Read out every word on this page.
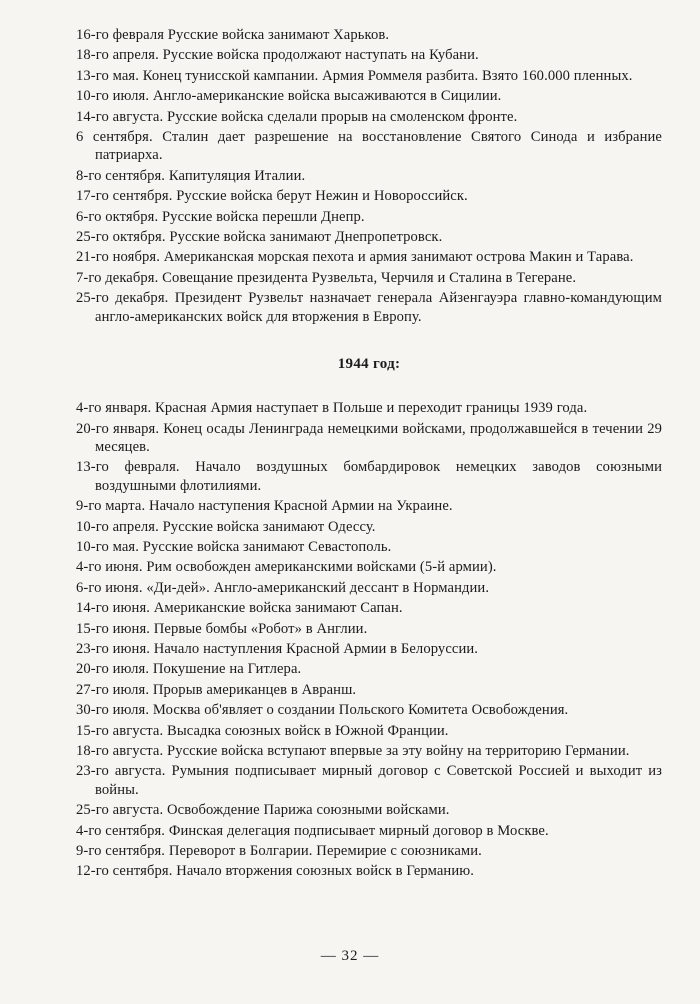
16-го февраля Русские войска занимают Харьков.

18-го апреля. Русские войска продолжают наступать на Кубани.

13-го мая. Конец тунисской кампании. Армия Роммеля разбита. Взято 160.000 пленных.

10-го июля. Англо-американские войска высаживаются в Сицилии.

14-го августа. Русские войска сделали прорыв на смоленском фронте.

6 сентября. Сталин дает разрешение на восстановление Святого Синода и избрание патриарха.

8-го сентября. Капитуляция Италии.

17-го сентября. Русские войска берут Нежин и Новороссийск.

6-го октября. Русские войска перешли Днепр.

25-го октября. Русские войска занимают Днепропетровск.

21-го ноября. Американская морская пехота и армия занимают острова Макин и Тарава.

7-го декабря. Совещание президента Рузвельта, Черчиля и Сталина в Тегеране.

25-го декабря. Президент Рузвельт назначает генерала Айзенгауэра главно-командующим англо-американских войск для вторжения в Европу.

1944 год:

4-го января. Красная Армия наступает в Польше и переходит границы 1939 года.

20-го января. Конец осады Ленинграда немецкими войсками, продолжавшейся в течении 29 месяцев.

13-го февраля. Начало воздушных бомбардировок немецких заводов союзными воздушными флотилиями.

9-го марта. Начало наступения Красной Армии на Украине.

10-го апреля. Русские войска занимают Одессу.

10-го мая. Русские войска занимают Севастополь.

4-го июня. Рим освобожден американскими войсками (5-й армии).

6-го июня. «Ди-дей». Англо-американский дессант в Нормандии.

14-го июня. Американские войска занимают Сапан.

15-го июня. Первые бомбы «Робот» в Англии.

23-го июня. Начало наступления Красной Армии в Белоруссии.

20-го июля. Покушение на Гитлера.

27-го июля. Прорыв американцев в Авранш.

30-го июля. Москва об'являет о создании Польского Комитета Освобождения.

15-го августа. Высадка союзных войск в Южной Франции.

18-го августа. Русские войска вступают впервые за эту войну на территорию Германии.

23-го августа. Румыния подписывает мирный договор с Советской Россией и выходит из войны.

25-го августа. Освобождение Парижа союзными войсками.

4-го сентября. Финская делегация подписывает мирный договор в Москве.

9-го сентября. Переворот в Болгарии. Перемирие с союзниками.

12-го сентября. Начало вторжения союзных войск в Германию.

— 32 —
